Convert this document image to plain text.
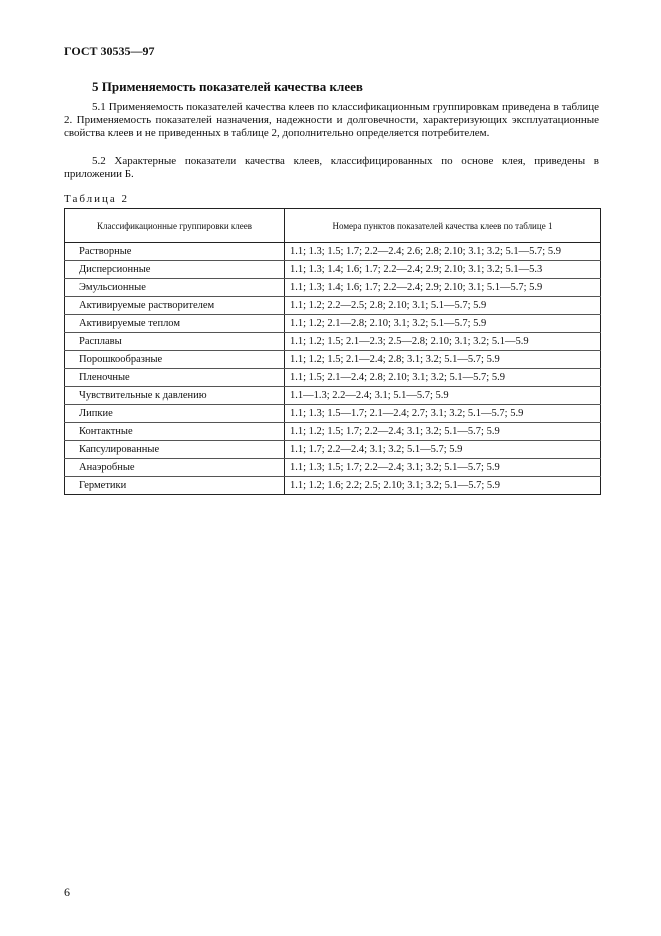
ГОСТ 30535—97
5 Применяемость показателей качества клеев
5.1 Применяемость показателей качества клеев по классификационным группировкам приведена в таблице 2. Применяемость показателей назначения, надежности и долговечности, характеризующих эксплуатационные свойства клеев и не приведенных в таблице 2, дополнительно определяется потребителем.
5.2 Характерные показатели качества клеев, классифицированных по основе клея, приведены в приложении Б.
Таблица 2
Классификационные группировки клеев	Номера пунктов показателей качества клеев по таблице 1
Растворные	1.1; 1.3; 1.5; 1.7; 2.2—2.4; 2.6; 2.8; 2.10; 3.1; 3.2; 5.1—5.7; 5.9
Дисперсионные	1.1; 1.3; 1.4; 1.6; 1.7; 2.2—2.4; 2.9; 2.10; 3.1; 3.2; 5.1—5.3
Эмульсионные	1.1; 1.3; 1.4; 1.6; 1.7; 2.2—2.4; 2.9; 2.10; 3.1; 5.1—5.7; 5.9
Активируемые растворителем	1.1; 1.2; 2.2—2.5; 2.8; 2.10; 3.1; 5.1—5.7; 5.9
Активируемые теплом	1.1; 1.2; 2.1—2.8; 2.10; 3.1; 3.2; 5.1—5.7; 5.9
Расплавы	1.1; 1.2; 1.5; 2.1—2.3; 2.5—2.8; 2.10; 3.1; 3.2; 5.1—5.9
Порошкообразные	1.1; 1.2; 1.5; 2.1—2.4; 2.8; 3.1; 3.2; 5.1—5.7; 5.9
Пленочные	1.1; 1.5; 2.1—2.4; 2.8; 2.10; 3.1; 3.2; 5.1—5.7; 5.9
Чувствительные к давлению	1.1—1.3; 2.2—2.4; 3.1; 5.1—5.7; 5.9
Липкие	1.1; 1.3; 1.5—1.7; 2.1—2.4; 2.7; 3.1; 3.2; 5.1—5.7; 5.9
Контактные	1.1; 1.2; 1.5; 1.7; 2.2—2.4; 3.1; 3.2; 5.1—5.7; 5.9
Капсулированные	1.1; 1.7; 2.2—2.4; 3.1; 3.2; 5.1—5.7; 5.9
Анаэробные	1.1; 1.3; 1.5; 1.7; 2.2—2.4; 3.1; 3.2; 5.1—5.7; 5.9
Герметики	1.1; 1.2; 1.6; 2.2; 2.5; 2.10; 3.1; 3.2; 5.1—5.7; 5.9
6
